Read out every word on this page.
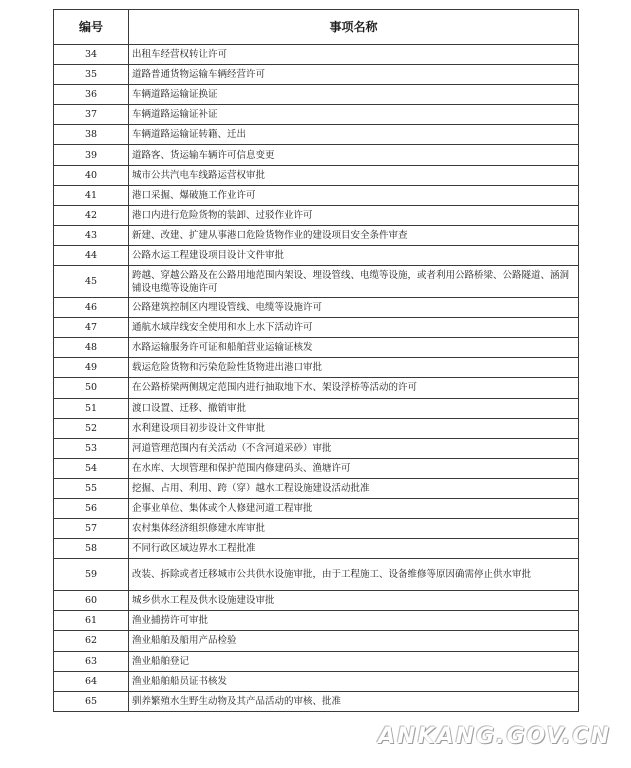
编号	事项名称
34	出租车经营权转让许可
35	道路普通货物运输车辆经营许可
36	车辆道路运输证换证
37	车辆道路运输证补证
38	车辆道路运输证转籍、迁出
39	道路客、货运输车辆许可信息变更
40	城市公共汽电车线路运营权审批
41	港口采掘、爆破施工作业许可
42	港口内进行危险货物的装卸、过驳作业许可
43	新建、改建、扩建从事港口危险货物作业的建设项目安全条件审查
44	公路水运工程建设项目设计文件审批
45	跨越、穿越公路及在公路用地范围内架设、埋设管线、电缆等设施，或者利用公路桥梁、公路隧道、涵洞铺设电缆等设施许可
46	公路建筑控制区内埋设管线、电缆等设施许可
47	通航水域岸线安全使用和水上水下活动许可
48	水路运输服务许可证和船舶营业运输证核发
49	载运危险货物和污染危险性货物进出港口审批
50	在公路桥梁两侧规定范围内进行抽取地下水、架设浮桥等活动的许可
51	渡口设置、迁移、撤销审批
52	水利建设项目初步设计文件审批
53	河道管理范围内有关活动（不含河道采砂）审批
54	在水库、大坝管理和保护范围内修建码头、渔塘许可
55	挖掘、占用、利用、跨（穿）越水工程设施建设活动批准
56	企事业单位、集体或个人修建河道工程审批
57	农村集体经济组织修建水库审批
58	不同行政区域边界水工程批准
59	改装、拆除或者迁移城市公共供水设施审批，由于工程施工、设备维修等原因确需停止供水审批
60	城乡供水工程及供水设施建设审批
61	渔业捕捞许可审批
62	渔业船舶及船用产品检验
63	渔业船舶登记
64	渔业船舶船员证书核发
65	驯养繁殖水生野生动物及其产品活动的审核、批准
ANKANG.GOV.CN
